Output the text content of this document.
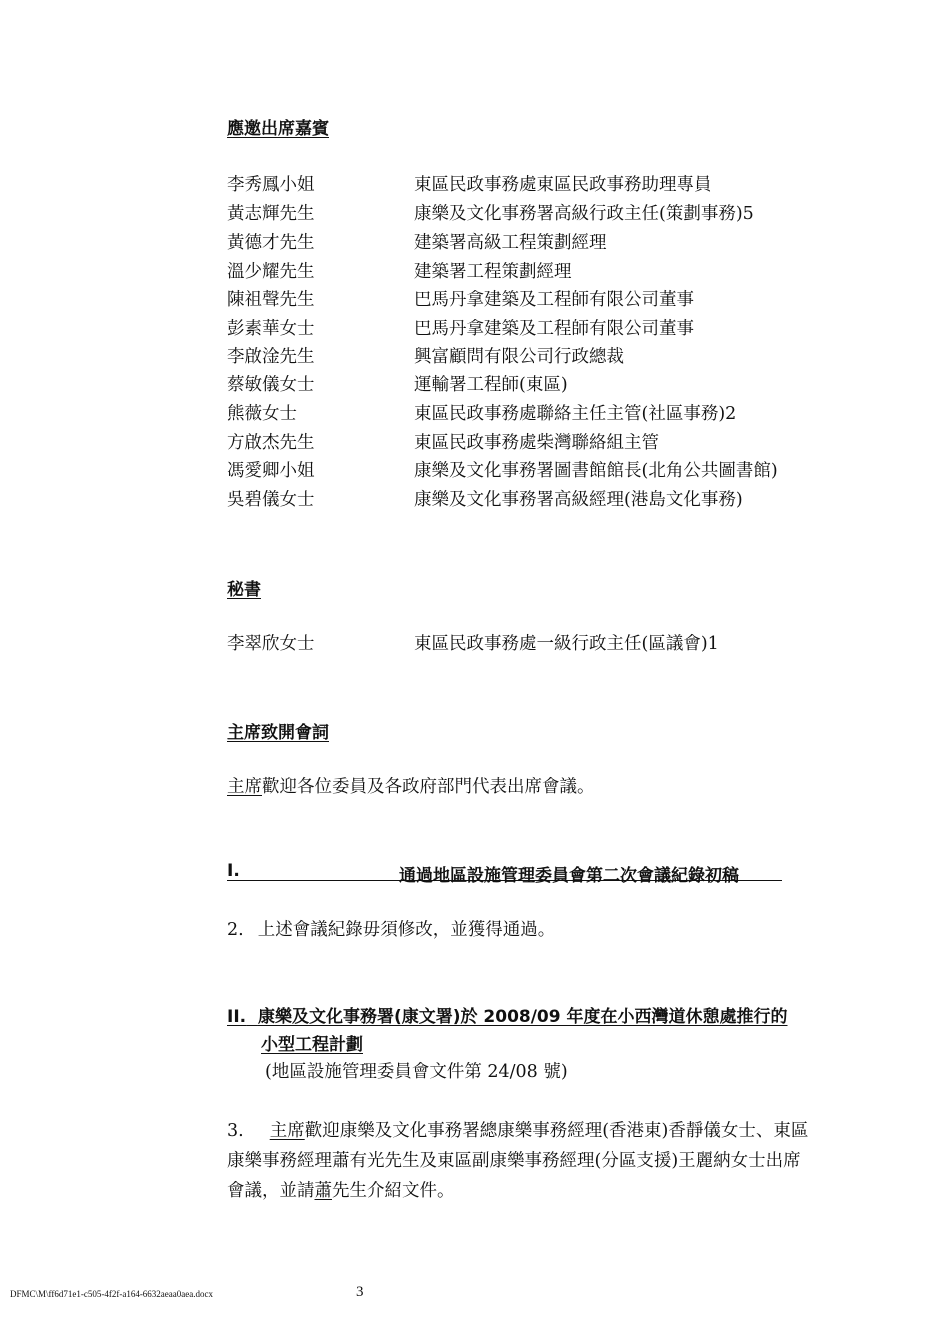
應邀出席嘉賓
李秀鳳小姐	東區民政事務處東區民政事務助理專員
黃志輝先生	康樂及文化事務署高級行政主任(策劃事務)5
黃德才先生	建築署高級工程策劃經理
溫少耀先生	建築署工程策劃經理
陳祖聲先生	巴馬丹拿建築及工程師有限公司董事
彭素華女士	巴馬丹拿建築及工程師有限公司董事
李啟淦先生	興富顧問有限公司行政總裁
蔡敏儀女士	運輸署工程師(東區)
熊薇女士	東區民政事務處聯絡主任主管(社區事務)2
方啟杰先生	東區民政事務處柴灣聯絡組主管
馮愛卿小姐	康樂及文化事務署圖書館館長(北角公共圖書館)
吳碧儀女士	康樂及文化事務署高級經理(港島文化事務)
秘書
李翠欣女士	東區民政事務處一級行政主任(區議會)1
主席致開會詞
主席歡迎各位委員及各政府部門代表出席會議。
I.	通過地區設施管理委員會第二次會議紀錄初稿
2. 上述會議紀錄毋須修改，並獲得通過。
II. 康樂及文化事務署(康文署)於 2008/09 年度在小西灣道休憩處推行的
小型工程計劃
(地區設施管理委員會文件第 24/08 號)
3. 主席歡迎康樂及文化事務署總康樂事務經理(香港東)香靜儀女士、東區
康樂事務經理蕭有光先生及東區副康樂事務經理(分區支援)王麗納女士出席
會議，並請蕭先生介紹文件。
DFMC\M\ff6d71e1-c505-4f2f-a164-6632aeaa0aea.docx	3
